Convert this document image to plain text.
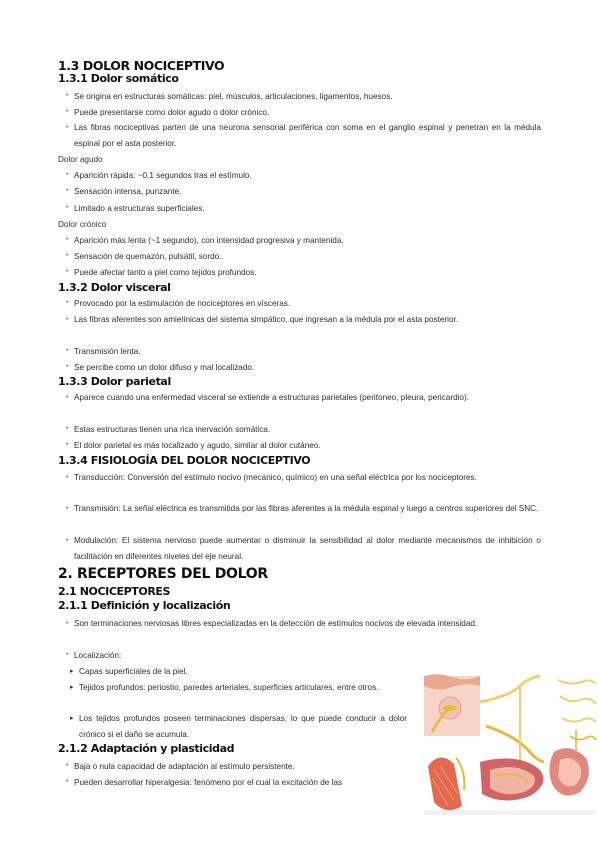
1.3 DOLOR NOCICEPTIVO
1.3.1 Dolor somático
• Se origina en estructuras somáticas: piel, músculos, articulaciones, ligamentos, huesos.
• Puede presentarse como dolor agudo o dolor crónico.
• Las fibras nociceptivas parten de una neurona sensorial periférica con soma en el ganglio espinal y penetran en la médula espinal por el asta posterior.
Dolor agudo
• Aparición rápida: ~0,1 segundos tras el estímulo.
• Sensación intensa, punzante.
• Limitado a estructuras superficiales.
Dolor crónico
• Aparición más lenta (~1 segundo), con intensidad progresiva y mantenida.
• Sensación de quemazón, pulsátil, sordo.
• Puede afectar tanto a piel como tejidos profundos.
1.3.2 Dolor visceral
• Provocado por la estimulación de nociceptores en vísceras.
• Las fibras aferentes son amielínicas del sistema simpático, que ingresan a la médula por el asta posterior.
• Transmisión lenta.
• Se percibe como un dolor difuso y mal localizado.
1.3.3 Dolor parietal
• Aparece cuando una enfermedad visceral se extiende a estructuras parietales (peritoneo, pleura, pericardio).
• Estas estructuras tienen una rica inervación somática.
• El dolor parietal es más localizado y agudo, similar al dolor cutáneo.
1.3.4 FISIOLOGÍA DEL DOLOR NOCICEPTIVO
• Transducción: Conversión del estímulo nocivo (mecánico, químico) en una señal eléctrica por los nociceptores.
• Transmisión: La señal eléctrica es transmitida por las fibras aferentes a la médula espinal y luego a centros superiores del SNC.
• Modulación: El sistema nervioso puede aumentar o disminuir la sensibilidad al dolor mediante mecanismos de inhibición o facilitación en diferentes niveles del eje neural.
2. RECEPTORES DEL DOLOR
2.1 NOCICEPTORES
2.1.1 Definición y localización
• Son terminaciones nerviosas libres especializadas en la detección de estímulos nocivos de elevada intensidad.
• Localización:
▸ Capas superficiales de la piel.
▸ Tejidos profundos: periostio, paredes arteriales, superficies articulares, entre otros.
▸ Los tejidos profundos poseen terminaciones dispersas, lo que puede conducir a dolor crónico si el daño se acumula.
2.1.2 Adaptación y plasticidad
• Baja o nula capacidad de adaptación al estímulo persistente.
• Pueden desarrollar hiperalgesia: fenómeno por el cual la excitación de las
